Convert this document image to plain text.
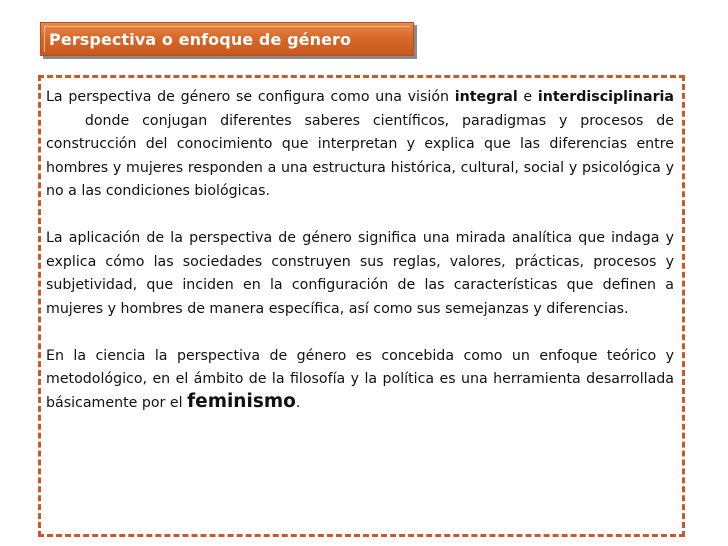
Perspectiva o enfoque de género

La perspectiva de género se configura como una visión integral e interdisciplinaria donde conjugan diferentes saberes científicos, paradigmas y procesos de construcción del conocimiento que interpretan y explica que las diferencias entre hombres y mujeres responden a una estructura histórica, cultural, social y psicológica y no a las condiciones biológicas.

La aplicación de la perspectiva de género significa una mirada analítica que indaga y explica cómo las sociedades construyen sus reglas, valores, prácticas, procesos y subjetividad, que inciden en la configuración de las características que definen a mujeres y hombres de manera específica, así como sus semejanzas y diferencias.

En la ciencia la perspectiva de género es concebida como un enfoque teórico y metodológico, en el ámbito de la filosofía y la política es una herramienta desarrollada básicamente por el feminismo.
